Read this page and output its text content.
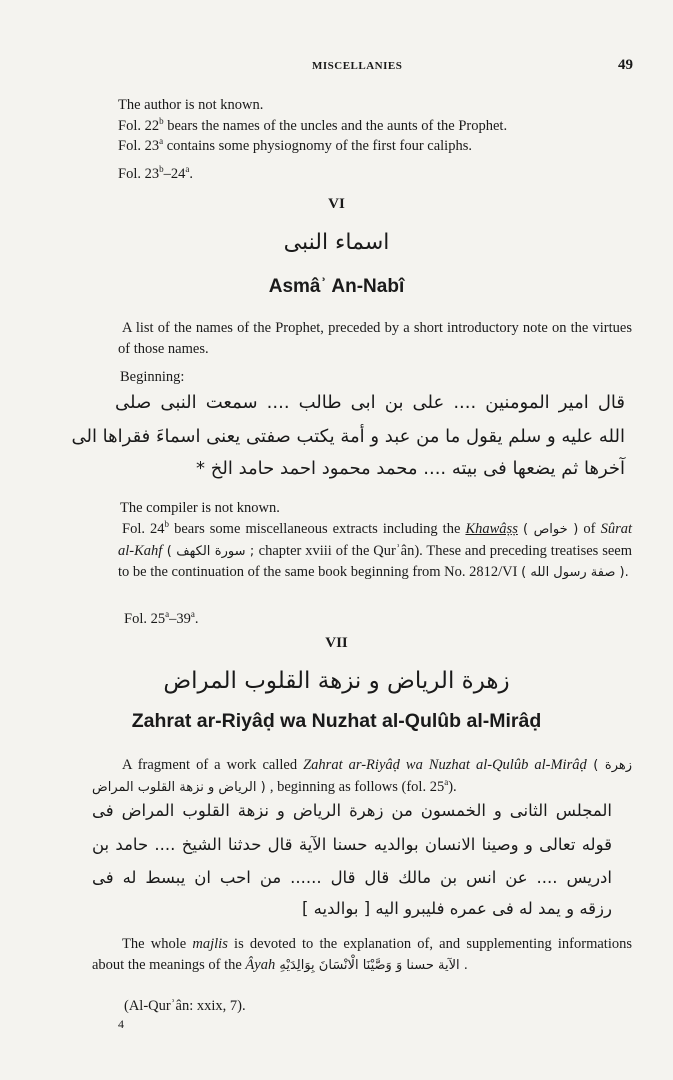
MISCELLANIES	49
The author is not known.
Fol. 22$^b$ bears the names of the uncles and the aunts of the Prophet.
Fol. 23$^a$ contains some physiognomy of the first four caliphs.
Fol. 23$^b$–24$^a$.
VI
اسماء النبى
Asmâʾ An-Nabî
A list of the names of the Prophet, preceded by a short introductory note on the virtues of those names.
Beginning:
قال امير المومنين .... على بن ابى طالب .... سمعت النبى صلى
الله عليه و سلم يقول ما من عبد و أمة يكتب صفتى يعنى اسماءَ فقراها الى
آخرها ثم يضعها فى بيته .... محمد محمود احمد حامد الخ *
The compiler is not known.
Fol. 24$^b$ bears some miscellaneous extracts including the Khawâṣṣ ( خواص ) of Sûrat al-Kahf ( سورة الكهف ; chapter xviii of the Qurʾân). These and preceding treatises seem to be the continuation of the same book beginning from No. 2812/VI ( صفة رسول الله ).
Fol. 25$^a$–39$^a$.
VII
زهرة الرياض و نزهة القلوب المراض
Zahrat ar-Riyâḍ wa Nuzhat al-Qulûb al-Mirâḍ
A fragment of a work called Zahrat ar-Riyâḍ wa Nuzhat al-Qulûb al-Mirâḍ ( زهرة الرياض و نزهة القلوب المراض ) , beginning as follows (fol. 25$^a$).
المجلس الثانى و الخمسون من زهرة الرياض و نزهة القلوب المراض فى
قوله تعالى و وصينا الانسان بوالديه حسنا الآية قال حدثنا الشيخ .... حامد بن
ادريس .... عن انس بن مالك قال قال ...... من احب ان يبسط له فى
رزقه و يمد له فى عمره فليبرو اليه [ بوالديه ]
The whole majlis is devoted to the explanation of, and supplementing informations about the meanings of the Âyah الآية حسنا وَ وَصَّيْنَا الْانْسَانَ بِوَالِدَيْهِ .
(Al-Qurʾân: xxix, 7).
4
